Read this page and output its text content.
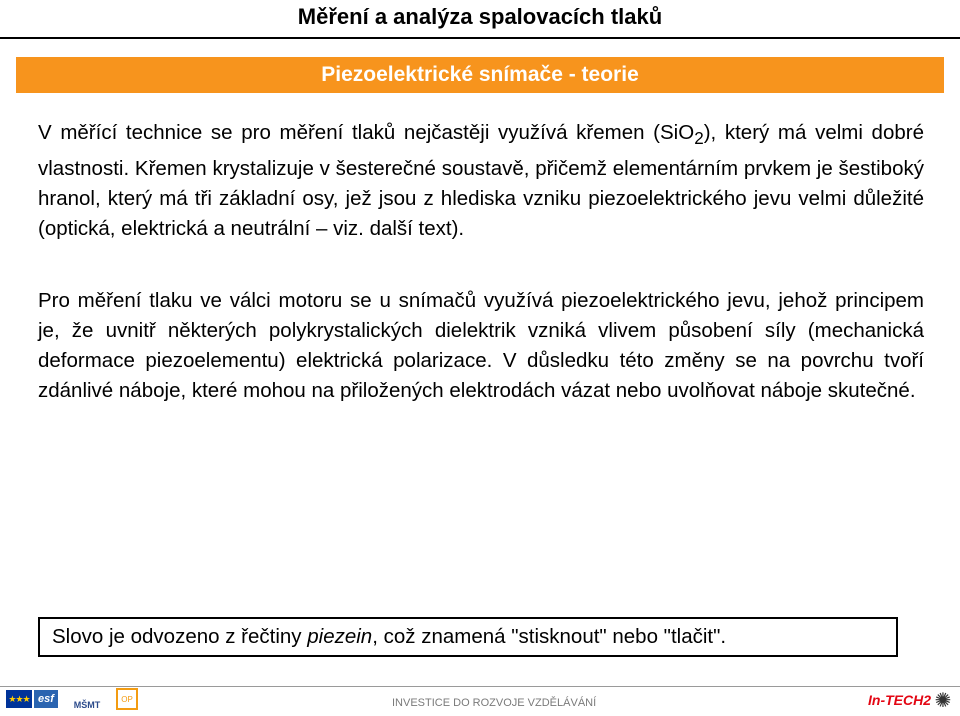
Měření a analýza spalovacích tlaků
Piezoelektrické snímače - teorie

V měřící technice se pro měření tlaků nejčastěji využívá křemen (SiO$_2$), který má velmi dobré vlastnosti. Křemen krystalizuje v šesterečné soustavě, přičemž elementárním prvkem je šestiboký hranol, který má tři základní osy, jež jsou z hlediska vzniku piezoelektrického jevu velmi důležité (optická, elektrická a neutrální – viz. další text).

Pro měření tlaku ve válci motoru se u snímačů využívá piezoelektrického jevu, jehož principem je, že uvnitř některých polykrystalických dielektrik vzniká vlivem působení síly (mechanická deformace piezoelementu) elektrická polarizace. V důsledku této změny se na povrchu tvoří zdánlivé náboje, které mohou na přiložených elektrodách vázat nebo uvolňovat náboje skutečné.

Slovo je odvozeno z řečtiny piezein, což znamená "stisknout" nebo "tlačit".
★★★ esf	MŠMT
OP	INVESTICE DO ROZVOJE VZDĚLÁVÁNÍ	In-TECH2 ✺
